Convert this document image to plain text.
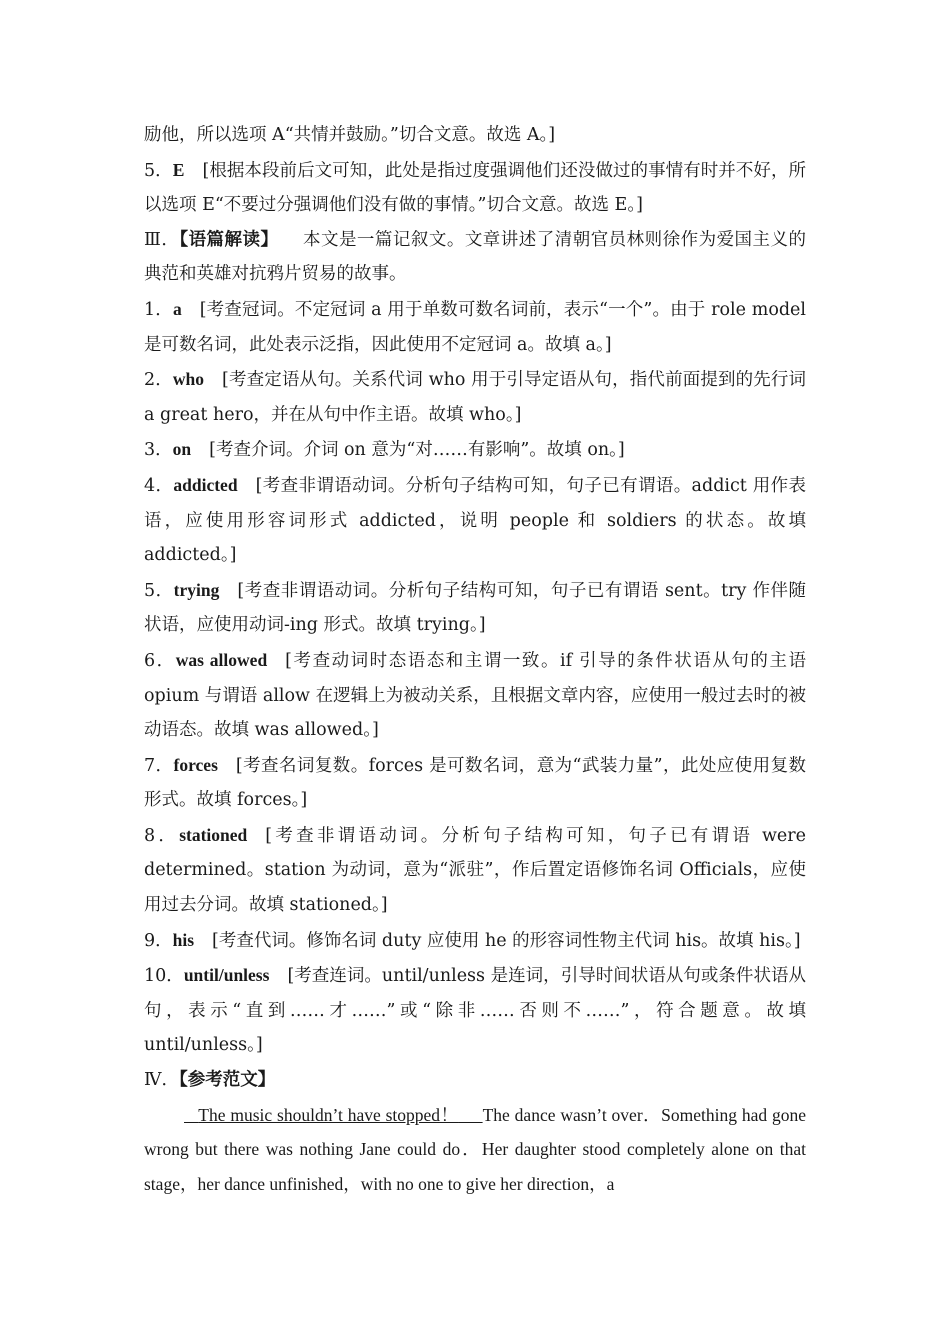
励他，所以选项 A“共情并鼓励。”切合文意。故选 A。]

5．E [根据本段前后文可知，此处是指过度强调他们还没做过的事情有时并不好，所以选项 E“不要过分强调他们没有做的事情。”切合文意。故选 E。]

Ⅲ．【语篇解读】 本文是一篇记叙文。文章讲述了清朝官员林则徐作为爱国主义的典范和英雄对抗鸦片贸易的故事。

1．a [考查冠词。不定冠词 a 用于单数可数名词前，表示“一个”。由于 role model 是可数名词，此处表示泛指，因此使用不定冠词 a。故填 a。]

2．who [考查定语从句。关系代词 who 用于引导定语从句，指代前面提到的先行词 a great hero，并在从句中作主语。故填 who。]

3．on [考查介词。介词 on 意为“对……有影响”。故填 on。]

4．addicted [考查非谓语动词。分析句子结构可知，句子已有谓语。addict 用作表语，应使用形容词形式 addicted，说明 people 和 soldiers 的状态。故填 addicted。]

5．trying [考查非谓语动词。分析句子结构可知，句子已有谓语 sent。try 作伴随状语，应使用动词-ing 形式。故填 trying。]

6．was allowed [考查动词时态语态和主谓一致。if 引导的条件状语从句的主语 opium 与谓语 allow 在逻辑上为被动关系，且根据文章内容，应使用一般过去时的被动语态。故填 was allowed。]

7．forces [考查名词复数。forces 是可数名词，意为“武装力量”，此处应使用复数形式。故填 forces。]

8．stationed [考查非谓语动词。分析句子结构可知，句子已有谓语 were determined。station 为动词，意为“派驻”，作后置定语修饰名词 Officials，应使用过去分词。故填 stationed。]

9．his [考查代词。修饰名词 duty 应使用 he 的形容词性物主代词 his。故填 his。]

10．until/unless [考查连词。until/unless 是连词，引导时间状语从句或条件状语从句，表示“直到……才……”或“除非……否则不……”，符合题意。故填 until/unless。]

Ⅳ．【参考范文】

The music shouldn’t have stopped！ The dance wasn’t over．Something had gone wrong but there was nothing Jane could do．Her daughter stood completely alone on that stage，her dance unfinished，with no one to give her direction，a
